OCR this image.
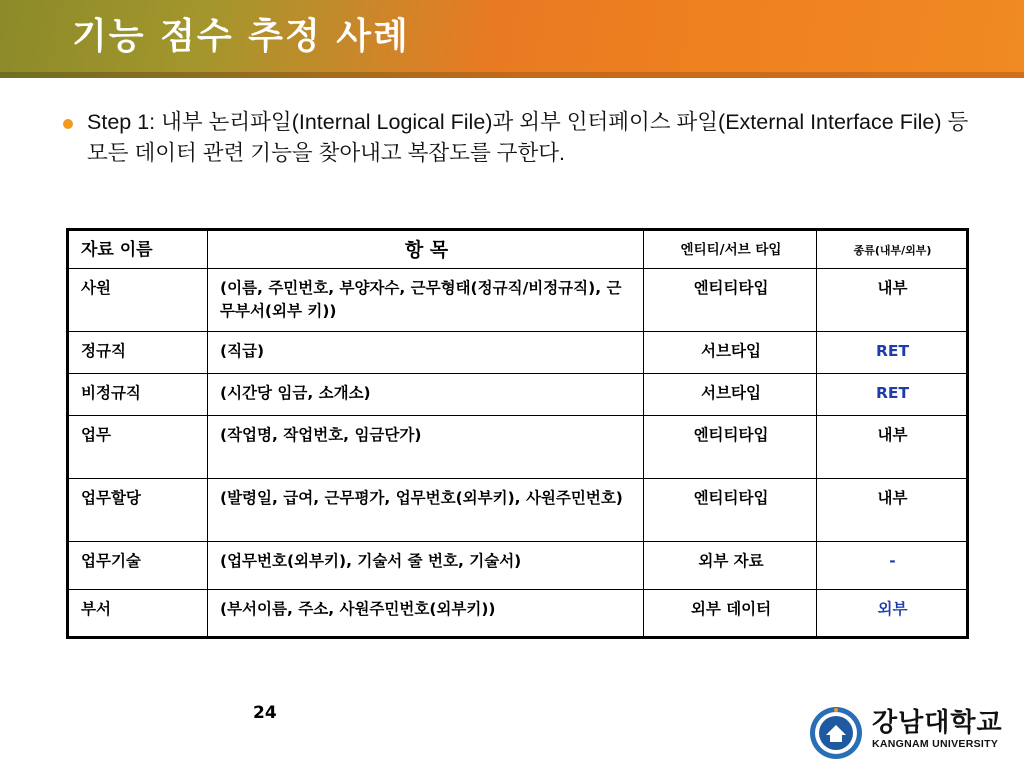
기능 점수 추정 사례
Step 1: 내부 논리파일(Internal Logical File)과 외부 인터페이스 파일(External Interface File) 등 모든 데이터 관련 기능을 찾아내고 복잡도를 구한다.
자료 이름	항 목	엔티티/서브 타입	종류(내부/외부)
사원	(이름, 주민번호, 부양자수, 근무형태(정규직/비정규직), 근무부서(외부 키))	엔티티타입	내부
정규직	(직급)	서브타입	RET
비정규직	(시간당 임금, 소개소)	서브타입	RET
업무	(작업명, 작업번호, 임금단가)	엔티티타입	내부
업무할당	(발령일, 급여, 근무평가, 업무번호(외부키), 사원주민번호)	엔티티타입	내부
업무기술	(업무번호(외부키), 기술서 줄 번호, 기술서)	외부 자료	-
부서	(부서이름, 주소, 사원주민번호(외부키))	외부 데이터	외부
24	강남대학교
KANGNAM UNIVERSITY
